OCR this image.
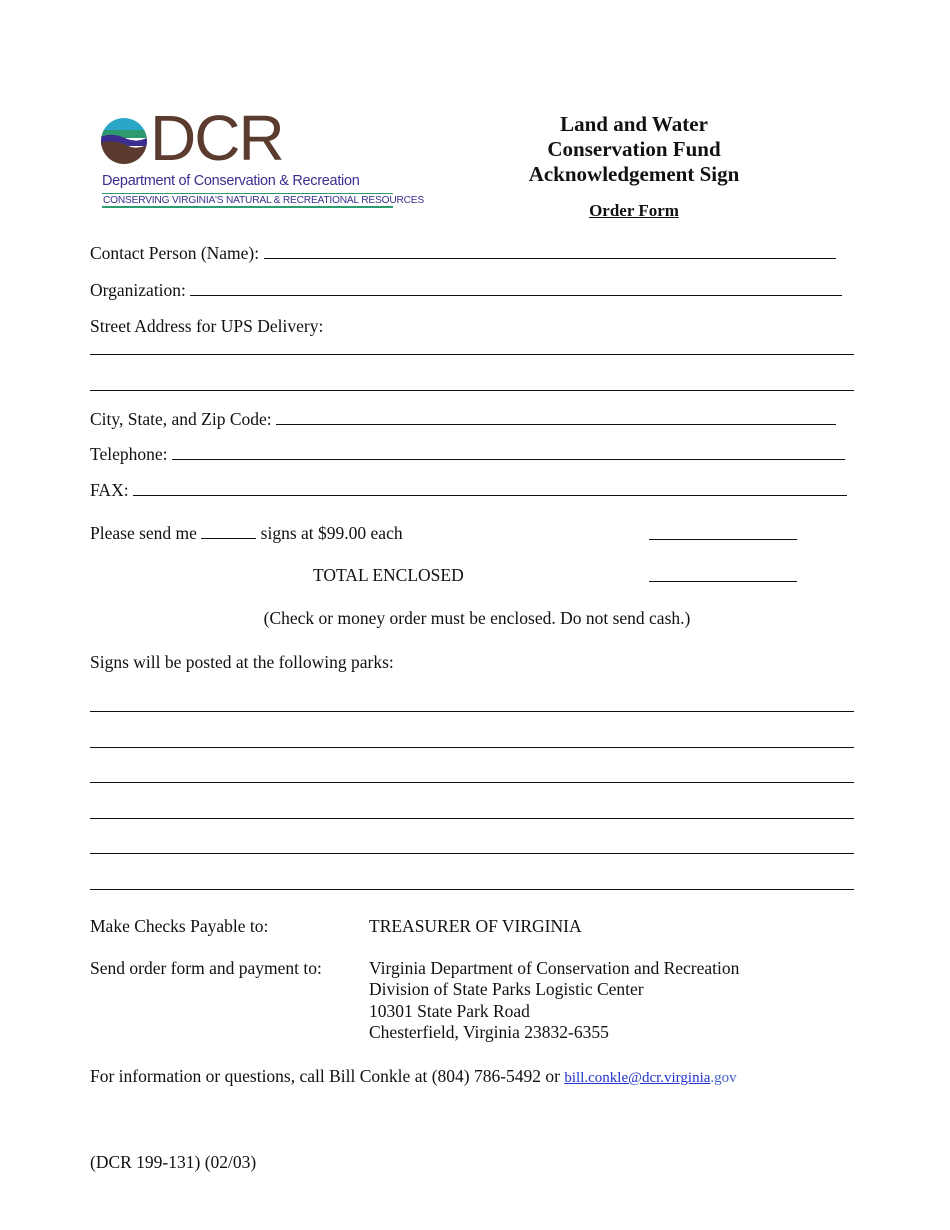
DCR
Department of Conservation & Recreation
CONSERVING VIRGINIA'S NATURAL & RECREATIONAL RESOURCES
Land and Water
Conservation Fund
Acknowledgement Sign
Order Form
Contact Person (Name):
Organization:
Street Address for UPS Delivery:
City, State, and Zip Code:
Telephone:
FAX:
Please send me	signs at $99.00 each
TOTAL ENCLOSED
(Check or money order must be enclosed. Do not send cash.)
Signs will be posted at the following parks:
Make Checks Payable to:	TREASURER OF VIRGINIA
Send order form and payment to:	Virginia Department of Conservation and Recreation
Division of State Parks Logistic Center
10301 State Park Road
Chesterfield, Virginia 23832-6355
For information or questions, call Bill Conkle at (804) 786-5492 or bill.conkle@dcr.virginia.gov
(DCR 199-131) (02/03)
